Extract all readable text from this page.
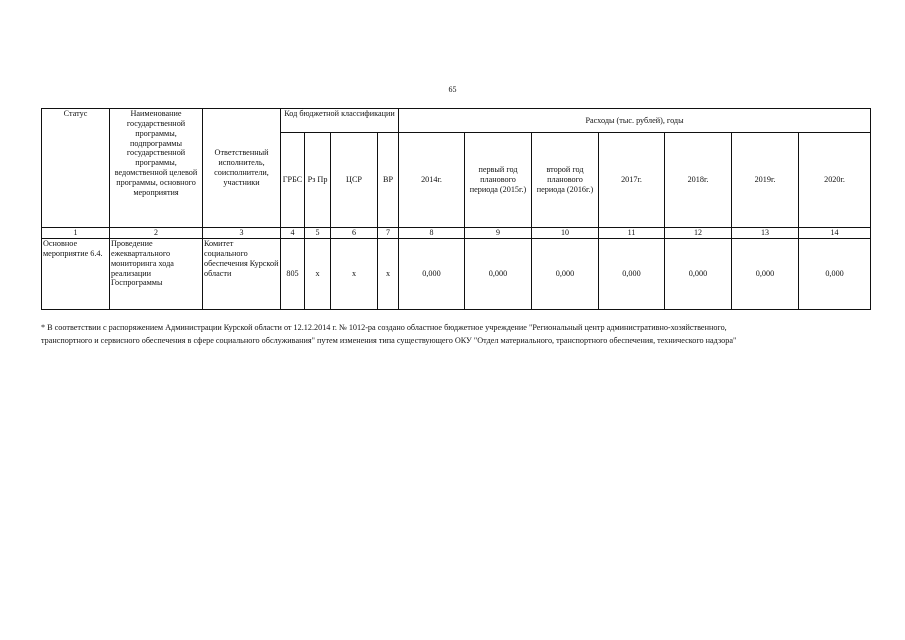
65
Статус	Наименование государственной программы, подпрограммы государственной программы, ведомственной целевой программы, основного мероприятия	Ответственный исполнитель, соисполнители, участники	Код бюджетной классификации				Расходы (тыс. рублей), годы						
			ГРБС	Рз Пр	ЦСР	ВР	2014г.	первый год планового периода (2015г.)	второй год планового периода (2016г.)	2017г.	2018г.	2019г.	2020г.
1	2	3	4	5	6	7	8	9	10	11	12	13	14
Основное мероприятие 6.4.	Проведение ежеквартального мониторинга хода реализации Госпрограммы	Комитет социального обеспечения Курской области	805	х	х	х	0,000	0,000	0,000	0,000	0,000	0,000	0,000

* В соответствии с распоряжением Администрации Курской области от 12.12.2014 г. № 1012-ра создано областное бюджетное учреждение "Региональный центр административно-хозяйственного,

транспортного и сервисного обеспечения в сфере социального обслуживания" путем изменения типа существующего ОКУ "Отдел материального, транспортного обеспечения, технического надзора"
